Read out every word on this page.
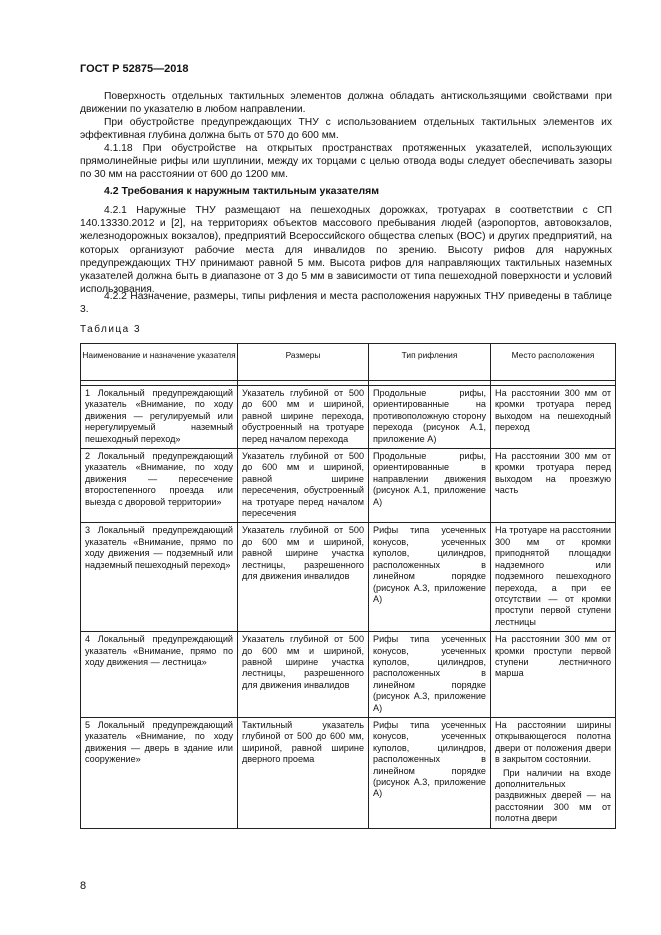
ГОСТ Р 52875—2018

Поверхность отдельных тактильных элементов должна обладать антискользящими свойствами при движении по указателю в любом направлении.

При обустройстве предупреждающих ТНУ с использованием отдельных тактильных элементов их эффективная глубина должна быть от 570 до 600 мм.

4.1.18 При обустройстве на открытых пространствах протяженных указателей, использующих прямолинейные рифы или шуплинии, между их торцами с целью отвода воды следует обеспечивать зазоры по 30 мм на расстоянии от 600 до 1200 мм.

4.2 Требования к наружным тактильным указателям

4.2.1 Наружные ТНУ размещают на пешеходных дорожках, тротуарах в соответствии с СП 140.13330.2012 и [2], на территориях объектов массового пребывания людей (аэропортов, автовокзалов, железнодорожных вокзалов), предприятий Всероссийского общества слепых (ВОС) и других предприятий, на которых организуют рабочие места для инвалидов по зрению. Высоту рифов для наружных предупреждающих ТНУ принимают равной 5 мм. Высота рифов для направляющих тактильных наземных указателей должна быть в диапазоне от 3 до 5 мм в зависимости от типа пешеходной поверхности и условий использования.

4.2.2 Назначение, размеры, типы рифления и места расположения наружных ТНУ приведены в таблице 3.

Таблица 3
Наименование и назначение указателя	Размеры	Тип рифления	Место расположения

1 Локальный предупреждающий указатель «Внимание, по ходу движения — регулируемый или нерегулируемый наземный пешеходный переход»	Указатель глубиной от 500 до 600 мм и шириной, равной ширине перехода, обустроенный на тротуаре перед началом перехода	Продольные рифы, ориентированные на противоположную сторону перехода (рисунок А.1, приложение А)	На расстоянии 300 мм от кромки тротуара перед выходом на пешеходный переход

2 Локальный предупреждающий указатель «Внимание, по ходу движения — пересечение второстепенного проезда или выезда с дворовой территории»	Указатель глубиной от 500 до 600 мм и шириной, равной ширине пересечения, обустроенный на тротуаре перед началом пересечения	Продольные рифы, ориентированные в направлении движения (рисунок А.1, приложение А)	На расстоянии 300 мм от кромки тротуара перед выходом на проезжую часть

3 Локальный предупреждающий указатель «Внимание, прямо по ходу движения — подземный или надземный пешеходный переход»	Указатель глубиной от 500 до 600 мм и шириной, равной ширине участка лестницы, разрешенного для движения инвалидов	Рифы типа усеченных конусов, усеченных куполов, цилиндров, расположенных в линейном порядке (рисунок А.3, приложение А)	На тротуаре на расстоянии 300 мм от кромки приподнятой площадки надземного или подземного пешеходного перехода, а при ее отсутствии — от кромки проступи первой ступени лестницы

4 Локальный предупреждающий указатель «Внимание, прямо по ходу движения — лестница»	Указатель глубиной от 500 до 600 мм и шириной, равной ширине участка лестницы, разрешенного для движения инвалидов	Рифы типа усеченных конусов, усеченных куполов, цилиндров, расположенных в линейном порядке (рисунок А.3, приложение А)	На расстоянии 300 мм от кромки проступи первой ступени лестничного марша

5 Локальный предупреждающий указатель «Внимание, по ходу движения — дверь в здание или сооружение»	Тактильный указатель глубиной от 500 до 600 мм, шириной, равной ширине дверного проема	Рифы типа усеченных конусов, усеченных куполов, цилиндров, расположенных в линейном порядке (рисунок А.3, приложение А)	На расстоянии ширины открывающегося полотна двери от положения двери в закрытом состоянии.
При наличии на входе дополнительных раздвижных дверей — на расстоянии 300 мм от полотна двери
8
